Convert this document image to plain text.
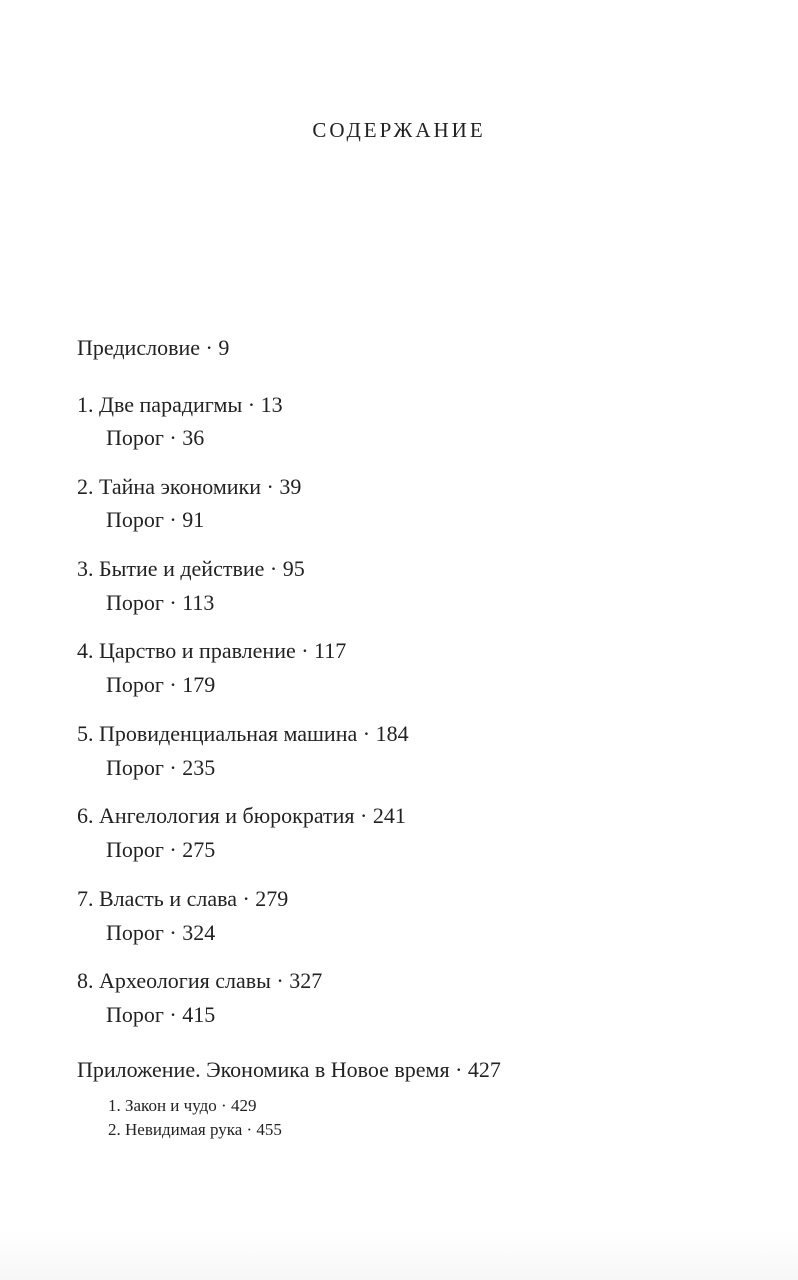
СОДЕРЖАНИЕ
Предисловие · 9
1. Две парадигмы · 13
Порог · 36
2. Тайна экономики · 39
Порог · 91
3. Бытие и действие · 95
Порог · 113
4. Царство и правление · 117
Порог · 179
5. Провиденциальная машина · 184
Порог · 235
6. Ангелология и бюрократия · 241
Порог · 275
7. Власть и слава · 279
Порог · 324
8. Археология славы · 327
Порог · 415
Приложение. Экономика в Новое время · 427
1. Закон и чудо · 429
2. Невидимая рука · 455
